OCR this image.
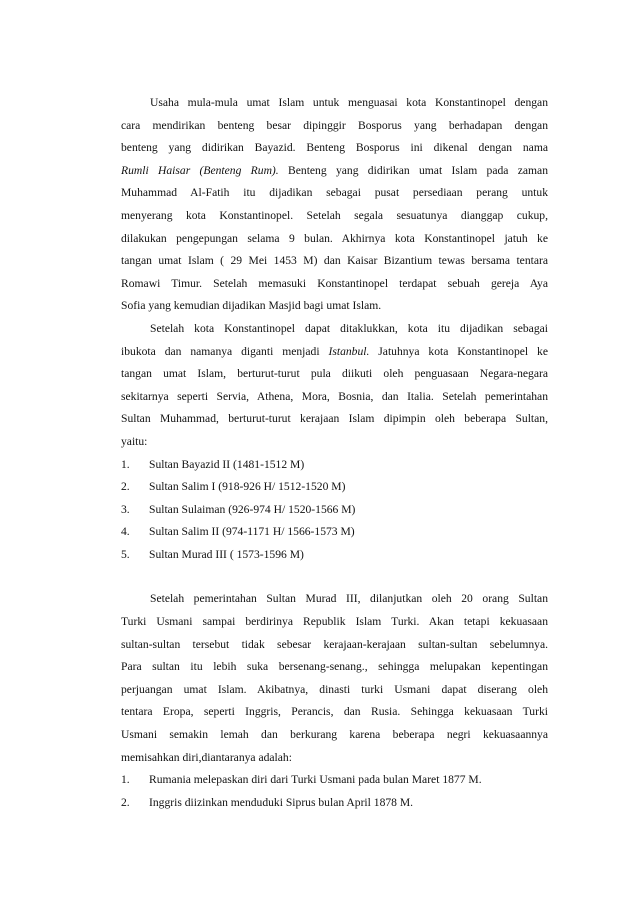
Usaha mula-mula umat Islam untuk menguasai kota Konstantinopel dengan
cara mendirikan benteng besar dipinggir Bosporus yang berhadapan dengan
benteng yang didirikan Bayazid. Benteng Bosporus ini dikenal dengan nama
Rumli Haisar (Benteng Rum). Benteng yang didirikan umat Islam pada zaman
Muhammad Al-Fatih itu dijadikan sebagai pusat persediaan perang untuk
menyerang kota Konstantinopel. Setelah segala sesuatunya dianggap cukup,
dilakukan pengepungan selama 9 bulan. Akhirnya kota Konstantinopel jatuh ke
tangan umat Islam ( 29 Mei 1453 M) dan Kaisar Bizantium tewas bersama tentara
Romawi Timur. Setelah memasuki Konstantinopel terdapat sebuah gereja Aya
Sofia yang kemudian dijadikan Masjid bagi umat Islam.
Setelah kota Konstantinopel dapat ditaklukkan, kota itu dijadikan sebagai
ibukota dan namanya diganti menjadi Istanbul. Jatuhnya kota Konstantinopel ke
tangan umat Islam, berturut-turut pula diikuti oleh penguasaan Negara-negara
sekitarnya seperti Servia, Athena, Mora, Bosnia, dan Italia. Setelah pemerintahan
Sultan Muhammad, berturut-turut kerajaan Islam dipimpin oleh beberapa Sultan,
yaitu:
1.	Sultan Bayazid II (1481-1512 M)
2.	Sultan Salim I (918-926 H/ 1512-1520 M)
3.	Sultan Sulaiman (926-974 H/ 1520-1566 M)
4.	Sultan Salim II (974-1171 H/ 1566-1573 M)
5.	Sultan Murad III ( 1573-1596 M)
Setelah pemerintahan Sultan Murad III, dilanjutkan oleh 20 orang Sultan
Turki Usmani sampai berdirinya Republik Islam Turki. Akan tetapi kekuasaan
sultan-sultan tersebut tidak sebesar kerajaan-kerajaan sultan-sultan sebelumnya.
Para sultan itu lebih suka bersenang-senang., sehingga melupakan kepentingan
perjuangan umat Islam. Akibatnya, dinasti turki Usmani dapat diserang oleh
tentara Eropa, seperti Inggris, Perancis, dan Rusia. Sehingga kekuasaan Turki
Usmani semakin lemah dan berkurang karena beberapa negri kekuasaannya
memisahkan diri,diantaranya adalah:
1.	Rumania melepaskan diri dari Turki Usmani pada bulan Maret 1877 M.
2.	Inggris diizinkan menduduki Siprus bulan April 1878 M.
